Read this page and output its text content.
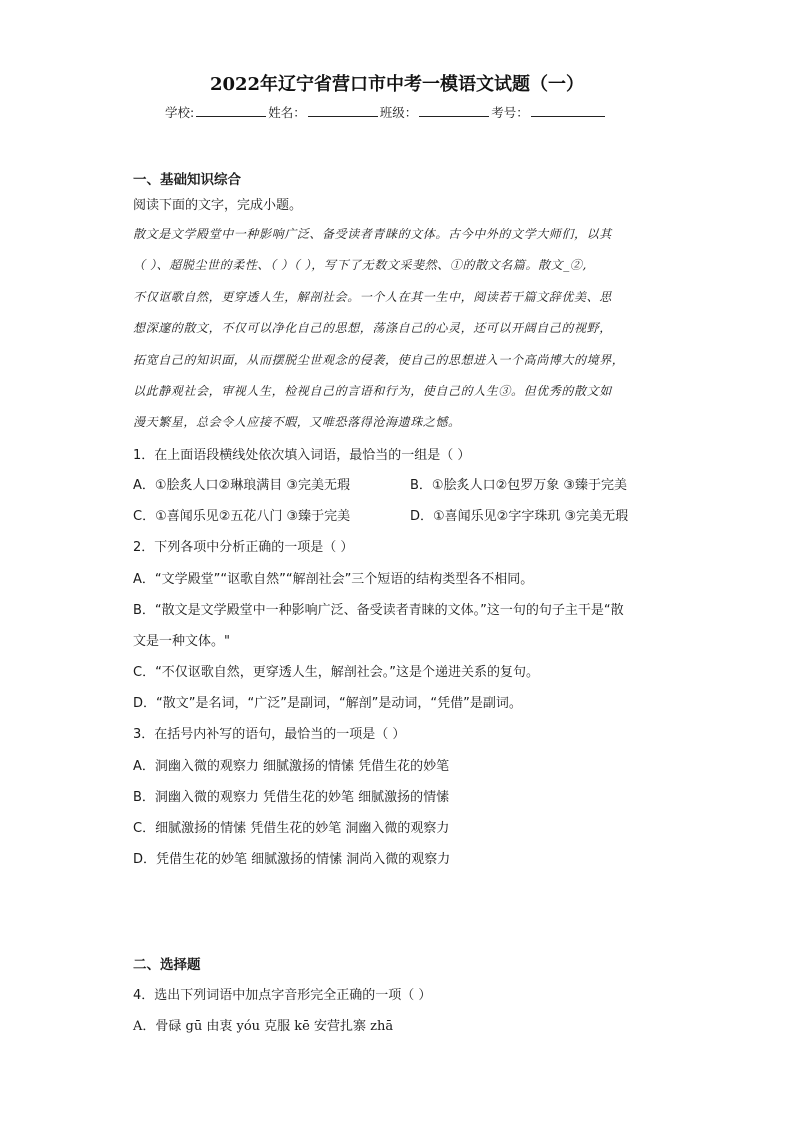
2022年辽宁省营口市中考一模语文试题（一）
学校:	姓名：	班级：	考号：
一、基础知识综合
阅读下面的文字，完成小题。
散文是文学殿堂中一种影响广泛、备受读者青睐的文体。古今中外的文学大师们，以其
（ ）、超脱尘世的柔性、（ ）（ ），写下了无数文采斐然、①的散文名篇。散文_②,
不仅讴歌自然，更穿透人生，解剖社会。一个人在其一生中，阅读若干篇文辞优美、思
想深邃的散文，不仅可以净化自己的思想，荡涤自己的心灵，还可以开阔自己的视野，
拓宽自己的知识面，从而摆脱尘世观念的侵袭，使自己的思想进入一个高尚博大的境界，
以此静观社会，审视人生，检视自己的言语和行为，使自己的人生③。但优秀的散文如
漫天繁星，总会令人应接不暇，又唯恐落得沧海遗珠之憾。
1．在上面语段横线处依次填入词语，最恰当的一组是（ ）
A．①脍炙人口②琳琅满目 ③完美无瑕	B．①脍炙人口②包罗万象 ③臻于完美
C．①喜闻乐见②五花八门 ③臻于完美	D．①喜闻乐见②字字珠玑 ③完美无瑕
2．下列各项中分析正确的一项是（ ）
A．“文学殿堂”“讴歌自然”“解剖社会”三个短语的结构类型各不相同。
B．“散文是文学殿堂中一种影响广泛、备受读者青睐的文体。”这一句的句子主干是“散
文是一种文体。"
C．“不仅讴歌自然，更穿透人生，解剖社会。”这是个递进关系的复句。
D．“散文”是名词，“广泛”是副词，“解剖”是动词，“凭借”是副词。
3．在括号内补写的语句，最恰当的一项是（ ）
A．洞幽入微的观察力 细腻激扬的情愫 凭借生花的妙笔
B．洞幽入微的观察力 凭借生花的妙笔 细腻激扬的情愫
C．细腻激扬的情愫 凭借生花的妙笔 洞幽入微的观察力
D．凭借生花的妙笔 细腻激扬的情愫 洞尚入微的观察力
二、选择题
4．选出下列词语中加点字音形完全正确的一项（ ）
A．骨碌 gū 由衷 yóu 克服 kē 安营扎寨 zhā
